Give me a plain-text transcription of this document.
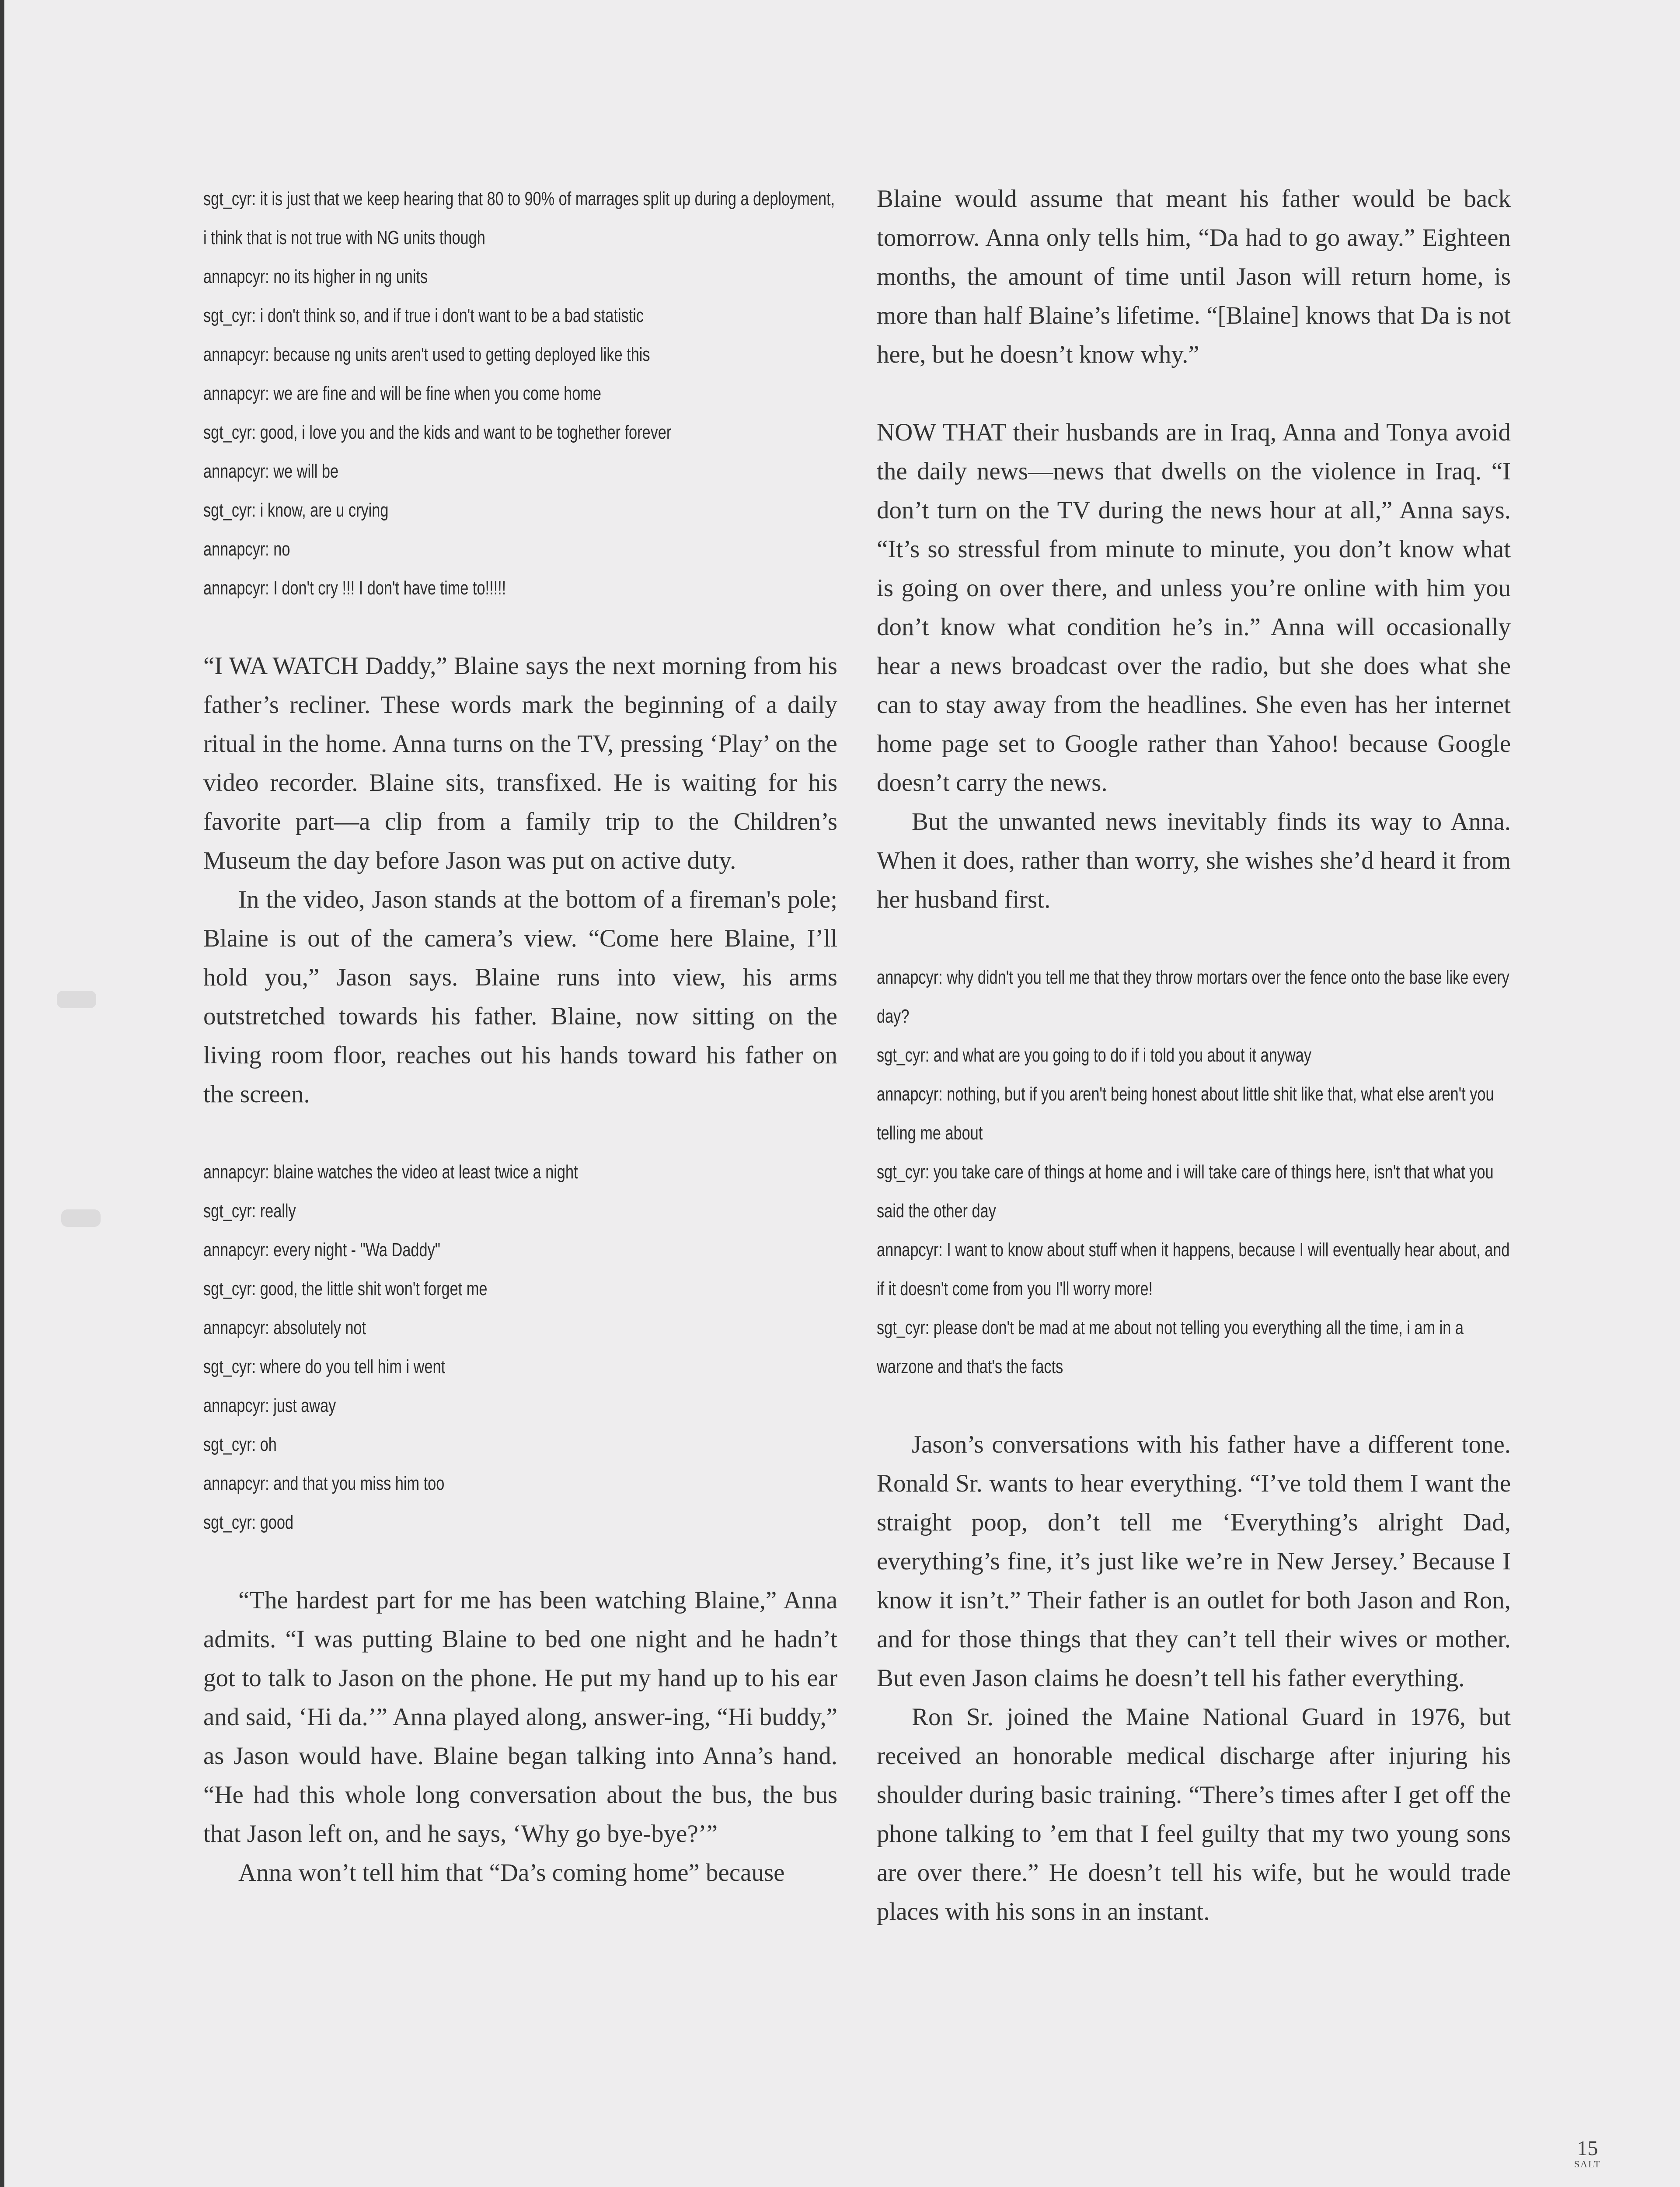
sgt_cyr: it is just that we keep hearing that 80 to 90% of marrages split up during a deployment, i think that is not true with NG units though
annapcyr: no its higher in ng units
sgt_cyr: i don't think so, and if true i don't want to be a bad statistic
annapcyr: because ng units aren't used to getting deployed like this
annapcyr: we are fine and will be fine when you come home
sgt_cyr: good, i love you and the kids and want to be toghether forever
annapcyr: we will be
sgt_cyr: i know, are u crying
annapcyr: no
annapcyr: I don't cry !!! I don't have time to!!!!!

“I WA WATCH Daddy,” Blaine says the next morning from his father’s recliner. These words mark the beginning of a daily ritual in the home. Anna turns on the TV, pressing ‘Play’ on the video recorder. Blaine sits, transfixed. He is waiting for his favorite part—a clip from a family trip to the Children’s Museum the day before Jason was put on active duty.

In the video, Jason stands at the bottom of a fireman's pole; Blaine is out of the camera’s view. “Come here Blaine, I’ll hold you,” Jason says. Blaine runs into view, his arms outstretched towards his father. Blaine, now sitting on the living room floor, reaches out his hands toward his father on the screen.

annapcyr: blaine watches the video at least twice a night
sgt_cyr: really
annapcyr: every night - "Wa Daddy"
sgt_cyr: good, the little shit won't forget me
annapcyr: absolutely not
sgt_cyr: where do you tell him i went
annapcyr: just away
sgt_cyr: oh
annapcyr: and that you miss him too
sgt_cyr: good

“The hardest part for me has been watching Blaine,” Anna admits. “I was putting Blaine to bed one night and he hadn’t got to talk to Jason on the phone. He put my hand up to his ear and said, ‘Hi da.’” Anna played along, answer-ing, “Hi buddy,” as Jason would have. Blaine began talking into Anna’s hand. “He had this whole long conversation about the bus, the bus that Jason left on, and he says, ‘Why go bye-bye?’”

Anna won’t tell him that “Da’s coming home” because

Blaine would assume that meant his father would be back tomorrow. Anna only tells him, “Da had to go away.” Eighteen months, the amount of time until Jason will return home, is more than half Blaine’s lifetime. “[Blaine] knows that Da is not here, but he doesn’t know why.”

NOW THAT their husbands are in Iraq, Anna and Tonya avoid the daily news—news that dwells on the violence in Iraq. “I don’t turn on the TV during the news hour at all,” Anna says. “It’s so stressful from minute to minute, you don’t know what is going on over there, and unless you’re online with him you don’t know what condition he’s in.” Anna will occasionally hear a news broadcast over the radio, but she does what she can to stay away from the headlines. She even has her internet home page set to Google rather than Yahoo! because Google doesn’t carry the news.

But the unwanted news inevitably finds its way to Anna. When it does, rather than worry, she wishes she’d heard it from her husband first.

annapcyr: why didn't you tell me that they throw mortars over the fence onto the base like every day?
sgt_cyr: and what are you going to do if i told you about it anyway
annapcyr: nothing, but if you aren't being honest about little shit like that, what else aren't you telling me about
sgt_cyr: you take care of things at home and i will take care of things here, isn't that what you said the other day
annapcyr: I want to know about stuff when it happens, because I will eventually hear about, and if it doesn't come from you I'll worry more!
sgt_cyr: please don't be mad at me about not telling you everything all the time, i am in a warzone and that's the facts

Jason’s conversations with his father have a different tone. Ronald Sr. wants to hear everything. “I’ve told them I want the straight poop, don’t tell me ‘Everything’s alright Dad, everything’s fine, it’s just like we’re in New Jersey.’ Because I know it isn’t.” Their father is an outlet for both Jason and Ron, and for those things that they can’t tell their wives or mother. But even Jason claims he doesn’t tell his father everything.

Ron Sr. joined the Maine National Guard in 1976, but received an honorable medical discharge after injuring his shoulder during basic training. “There’s times after I get off the phone talking to ’em that I feel guilty that my two young sons are over there.” He doesn’t tell his wife, but he would trade places with his sons in an instant.

15
SALT
